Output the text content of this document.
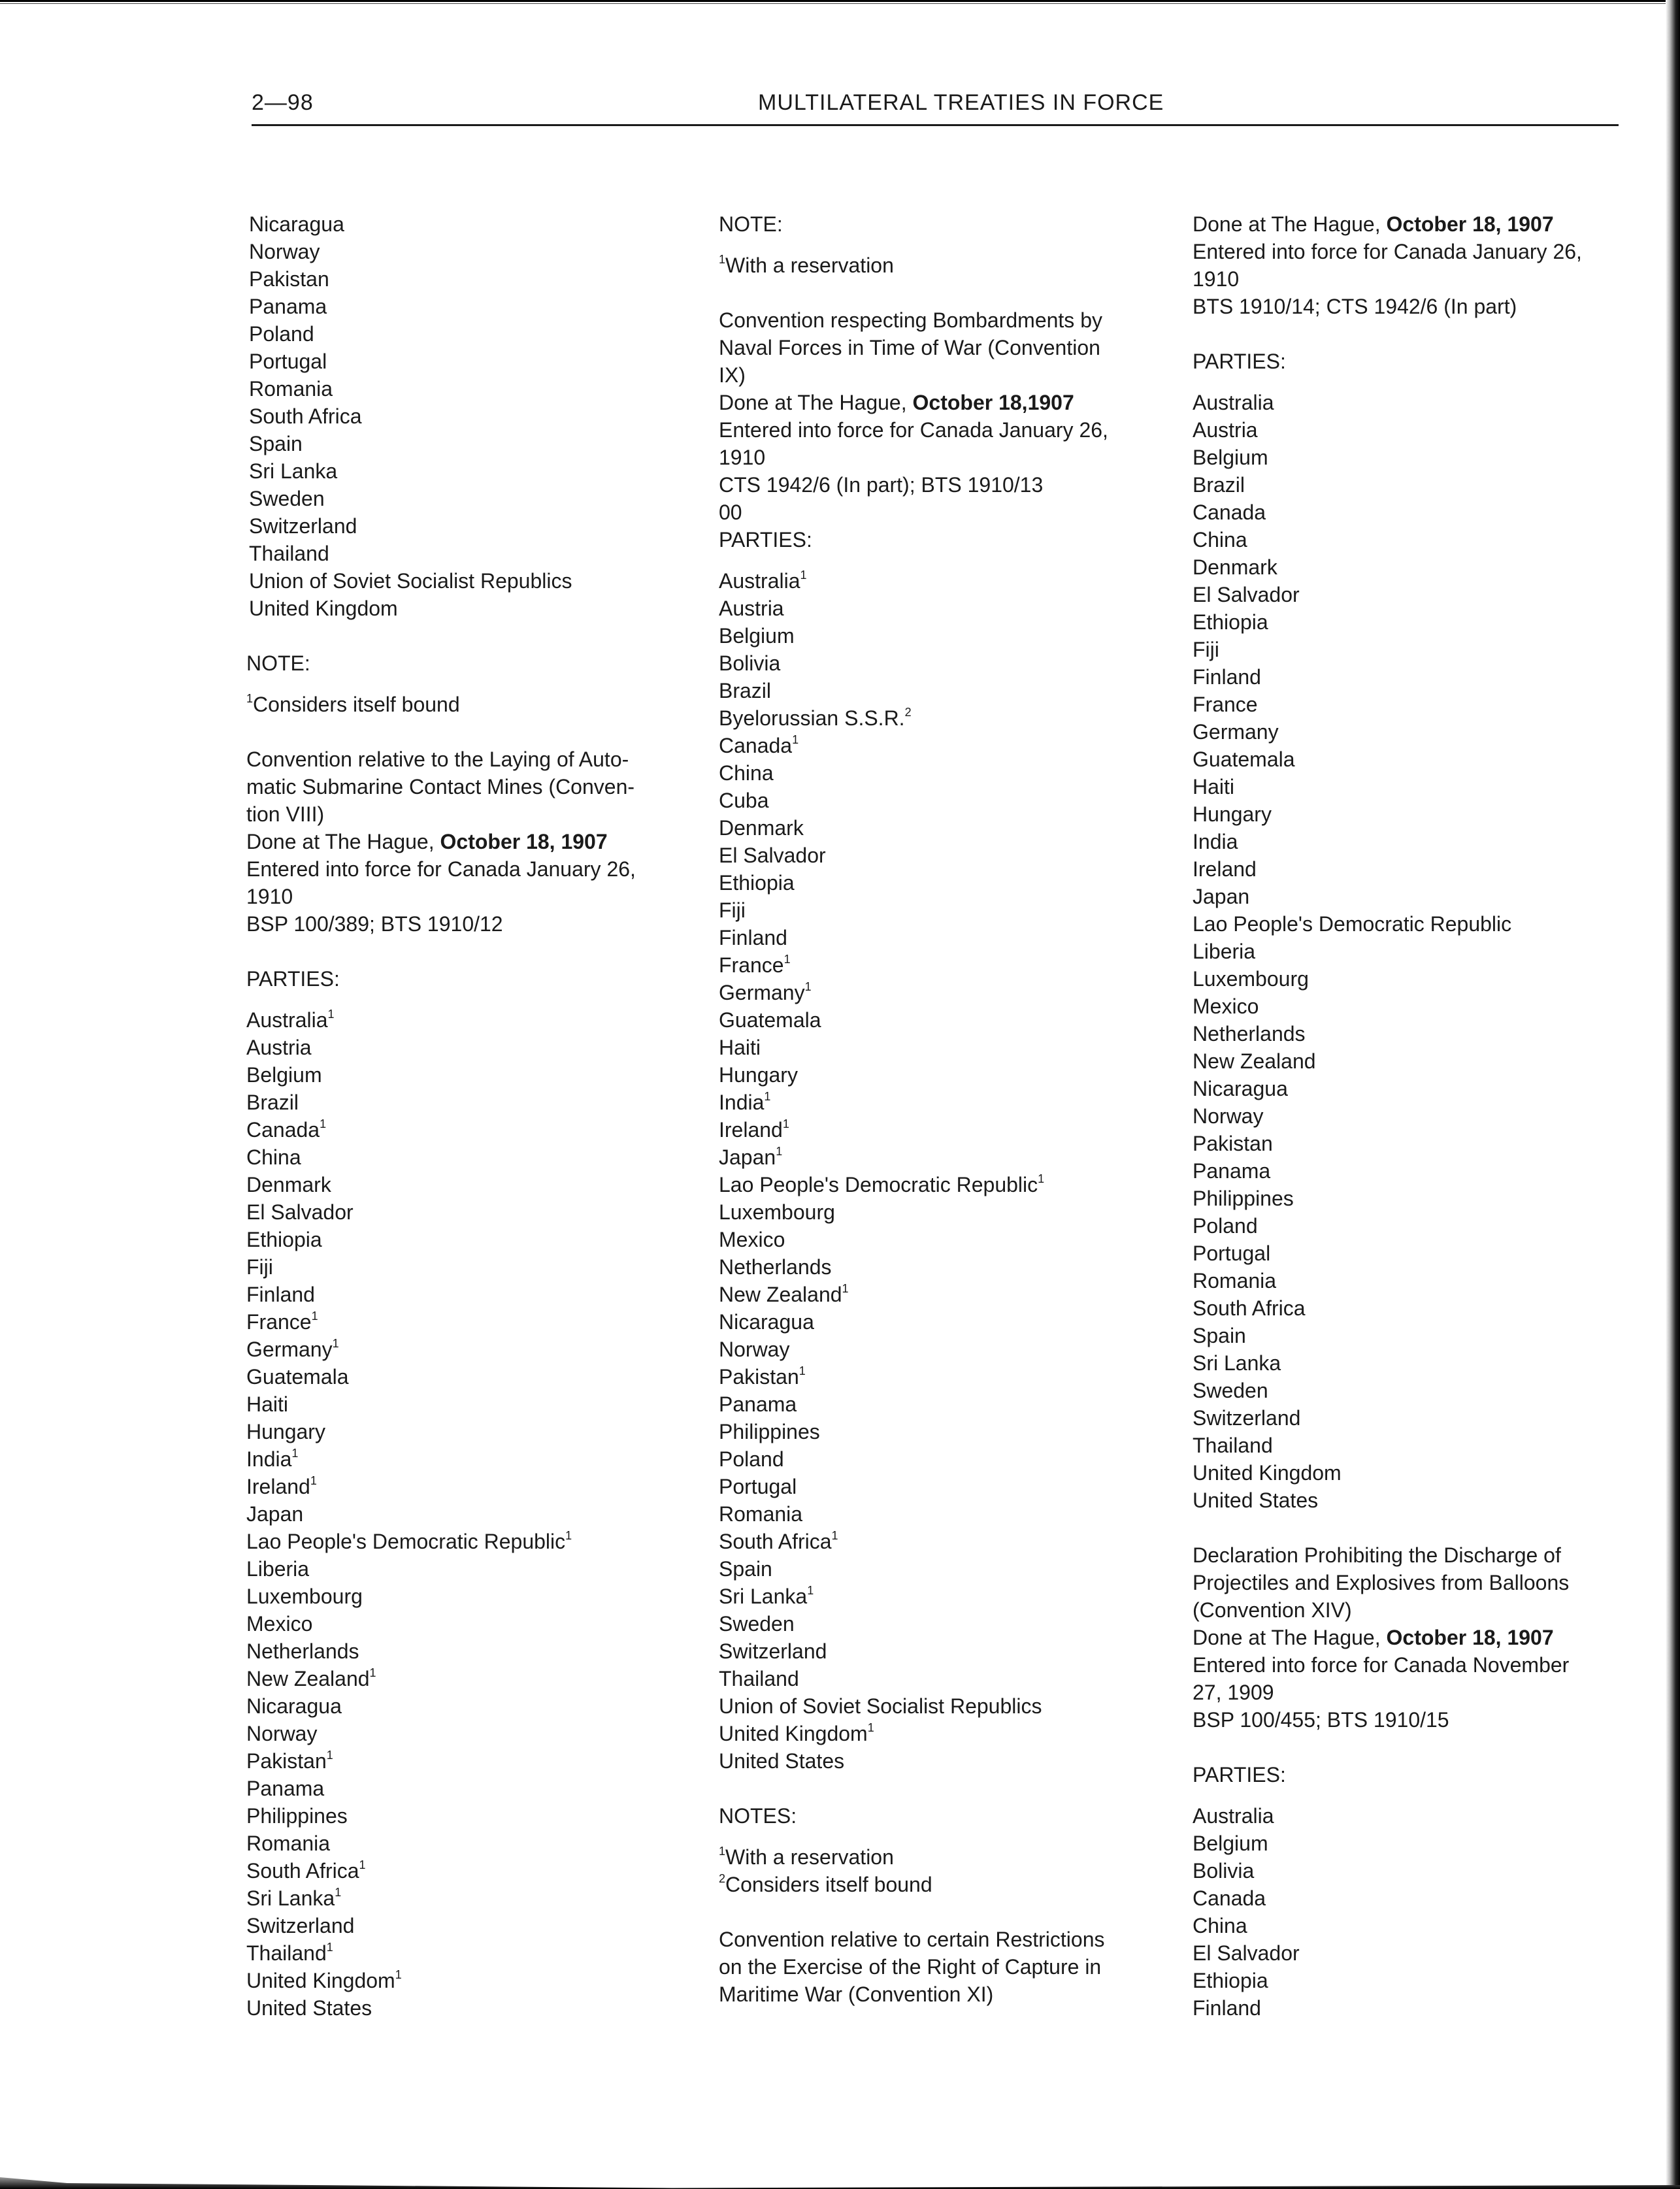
2—98	MULTILATERAL TREATIES IN FORCE

Nicaragua

Norway

Pakistan

Panama

Poland

Portugal

Romania

South Africa

Spain

Sri Lanka

Sweden

Switzerland

Thailand

Union of Soviet Socialist Republics

United Kingdom

NOTE:

$^1$Considers itself bound

Convention relative to the Laying of Auto-

matic Submarine Contact Mines (Conven-

tion VIII)

Done at The Hague, October 18, 1907

Entered into force for Canada January 26,

1910

BSP 100/389; BTS 1910/12

PARTIES:

Australia$^1$

Austria

Belgium

Brazil

Canada$^1$

China

Denmark

El Salvador

Ethiopia

Fiji

Finland

France$^1$

Germany$^1$

Guatemala

Haiti

Hungary

India$^1$

Ireland$^1$

Japan

Lao People's Democratic Republic$^1$

Liberia

Luxembourg

Mexico

Netherlands

New Zealand$^1$

Nicaragua

Norway

Pakistan$^1$

Panama

Philippines

Romania

South Africa$^1$

Sri Lanka$^1$

Switzerland

Thailand$^1$

United Kingdom$^1$

United States

NOTE:

$^1$With a reservation

Convention respecting Bombardments by

Naval Forces in Time of War (Convention

IX)

Done at The Hague, October 18,1907

Entered into force for Canada January 26,

1910

CTS 1942/6 (In part); BTS 1910/13

00

PARTIES:

Australia$^1$

Austria

Belgium

Bolivia

Brazil

Byelorussian S.S.R.$^2$

Canada$^1$

China

Cuba

Denmark

El Salvador

Ethiopia

Fiji

Finland

France$^1$

Germany$^1$

Guatemala

Haiti

Hungary

India$^1$

Ireland$^1$

Japan$^1$

Lao People's Democratic Republic$^1$

Luxembourg

Mexico

Netherlands

New Zealand$^1$

Nicaragua

Norway

Pakistan$^1$

Panama

Philippines

Poland

Portugal

Romania

South Africa$^1$

Spain

Sri Lanka$^1$

Sweden

Switzerland

Thailand

Union of Soviet Socialist Republics

United Kingdom$^1$

United States

NOTES:

$^1$With a reservation

$^2$Considers itself bound

Convention relative to certain Restrictions

on the Exercise of the Right of Capture in

Maritime War (Convention XI)

Done at The Hague, October 18, 1907

Entered into force for Canada January 26,

1910

BTS 1910/14; CTS 1942/6 (In part)

PARTIES:

Australia

Austria

Belgium

Brazil

Canada

China

Denmark

El Salvador

Ethiopia

Fiji

Finland

France

Germany

Guatemala

Haiti

Hungary

India

Ireland

Japan

Lao People's Democratic Republic

Liberia

Luxembourg

Mexico

Netherlands

New Zealand

Nicaragua

Norway

Pakistan

Panama

Philippines

Poland

Portugal

Romania

South Africa

Spain

Sri Lanka

Sweden

Switzerland

Thailand

United Kingdom

United States

Declaration Prohibiting the Discharge of

Projectiles and Explosives from Balloons

(Convention XIV)

Done at The Hague, October 18, 1907

Entered into force for Canada November

27, 1909

BSP 100/455; BTS 1910/15

PARTIES:

Australia

Belgium

Bolivia

Canada

China

El Salvador

Ethiopia

Finland
